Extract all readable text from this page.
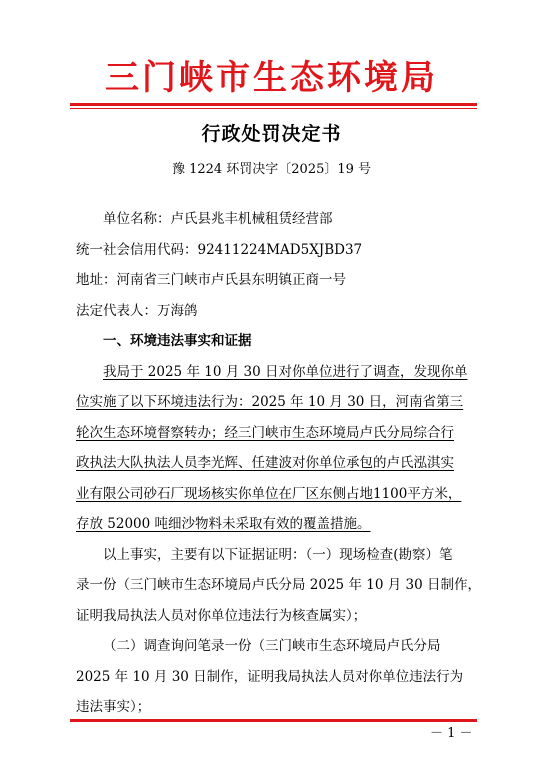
三门峡市生态环境局
行政处罚决定书
豫 1224 环罚决字〔2025〕19 号
单位名称：卢氏县兆丰机械租赁经营部
统一社会信用代码：92411224MAD5XJBD37
地址：河南省三门峡市卢氏县东明镇正商一号
法定代表人：万海鸽
一、环境违法事实和证据
我局于 2025 年 10 月 30 日对你单位进行了调查，发现你单
位实施了以下环境违法行为：2025 年 10 月 30 日，河南省第三
轮次生态环境督察转办；经三门峡市生态环境局卢氏分局综合行
政执法大队执法人员李光辉、任建波对你单位承包的卢氏泓淇实
业有限公司砂石厂现场核实你单位在厂区东侧占地1100平方米，
存放 52000 吨细沙物料未采取有效的覆盖措施。
以上事实，主要有以下证据证明：（一）现场检查(勘察）笔
录一份（三门峡市生态环境局卢氏分局 2025 年 10 月 30 日制作，
证明我局执法人员对你单位违法行为核查属实）；
（二）调查询问笔录一份（三门峡市生态环境局卢氏分局
2025 年 10 月 30 日制作，证明我局执法人员对你单位违法行为
违法事实）；
－ 1 －
